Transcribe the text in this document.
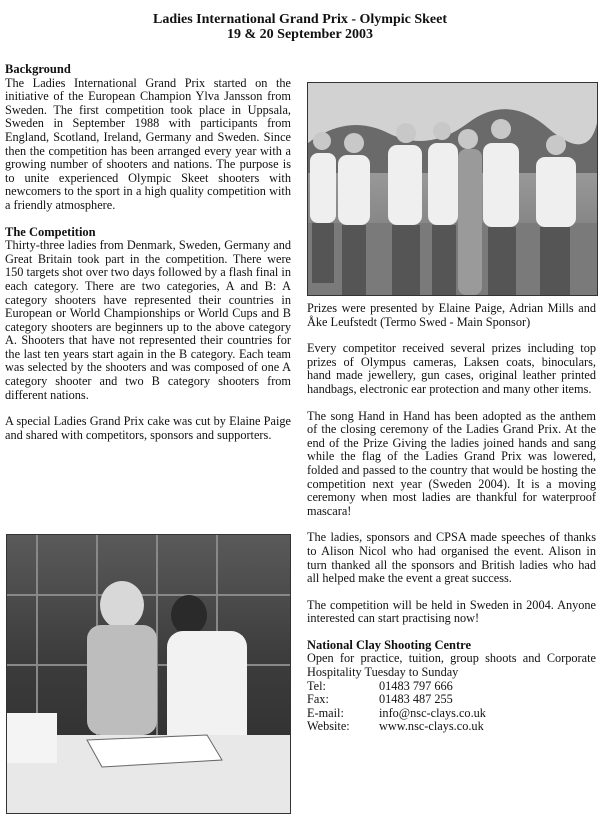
Ladies International Grand Prix - Olympic Skeet
19 & 20 September 2003
Background

The Ladies International Grand Prix started on the initiative of the European Champion Ylva Jansson from Sweden. The first competition took place in Uppsala, Sweden in September 1988 with participants from England, Scotland, Ireland, Germany and Sweden. Since then the competition has been arranged every year with a growing number of shooters and nations. The purpose is to unite experienced Olympic Skeet shooters with newcomers to the sport in a high quality competition with a friendly atmosphere.

The Competition

Thirty-three ladies from Denmark, Sweden, Germany and Great Britain took part in the competition. There were 150 targets shot over two days followed by a flash final in each category. There are two categories, A and B: A category shooters have represented their countries in European or World Championships or World Cups and B category shooters are beginners up to the above category A. Shooters that have not represented their countries for the last ten years start again in the B category. Each team was selected by the shooters and was composed of one A category shooter and two B category shooters from different nations.

A special Ladies Grand Prix cake was cut by Elaine Paige and shared with competitors, sponsors and supporters.

Prizes were presented by Elaine Paige, Adrian Mills and Åke Leufstedt (Termo Swed - Main Sponsor)

Every competitor received several prizes including top prizes of Olympus cameras, Laksen coats, binoculars, hand made jewellery, gun cases, original leather printed handbags, electronic ear protection and many other items.

The song Hand in Hand has been adopted as the anthem of the closing ceremony of the Ladies Grand Prix. At the end of the Prize Giving the ladies joined hands and sang while the flag of the Ladies Grand Prix was lowered, folded and passed to the country that would be hosting the competition next year (Sweden 2004). It is a moving ceremony when most ladies are thankful for waterproof mascara!

The ladies, sponsors and CPSA made speeches of thanks to Alison Nicol who had organised the event. Alison in turn thanked all the sponsors and British ladies who had all helped make the event a great success.

The competition will be held in Sweden in 2004. Anyone interested can start practising now!

National Clay Shooting Centre

Open for practice, tuition, group shoots and Corporate Hospitality Tuesday to Sunday

Tel:	01483 797 666
Fax:	01483 487 255
E-mail:	info@nsc-clays.co.uk
Website:	www.nsc-clays.co.uk
